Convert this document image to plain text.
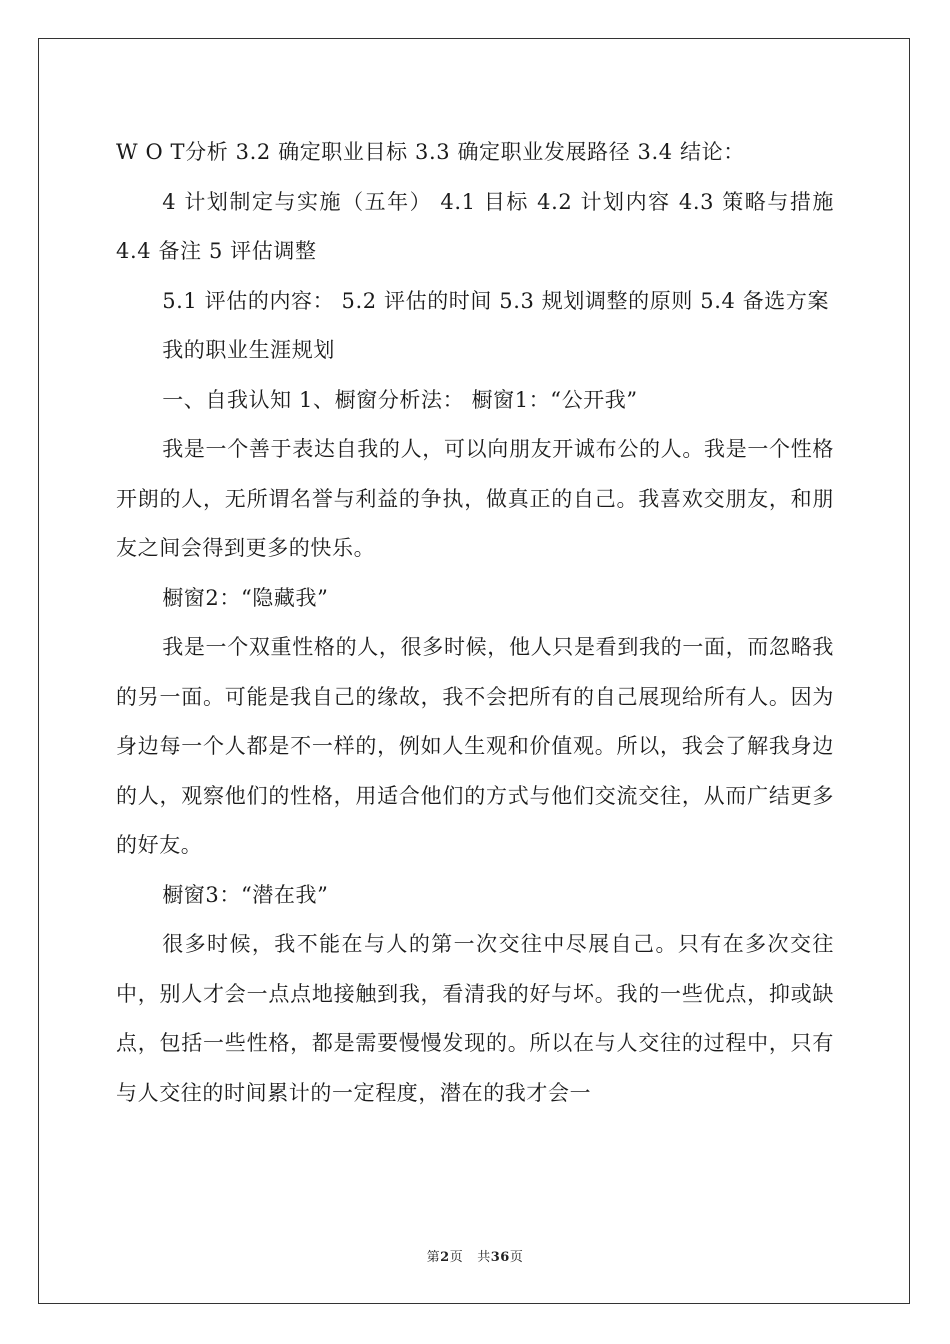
W O T分析 3.2 确定职业目标 3.3 确定职业发展路径 3.4 结论：

4 计划制定与实施（五年） 4.1 目标 4.2 计划内容 4.3 策略与措施 4.4 备注 5 评估调整

5.1 评估的内容： 5.2 评估的时间 5.3 规划调整的原则 5.4 备选方案

我的职业生涯规划

一、自我认知 1、橱窗分析法： 橱窗1：“公开我”

我是一个善于表达自我的人，可以向朋友开诚布公的人。我是一个性格开朗的人，无所谓名誉与利益的争执，做真正的自己。我喜欢交朋友，和朋友之间会得到更多的快乐。

橱窗2：“隐藏我”

我是一个双重性格的人，很多时候，他人只是看到我的一面，而忽略我的另一面。可能是我自己的缘故，我不会把所有的自己展现给所有人。因为身边每一个人都是不一样的，例如人生观和价值观。所以，我会了解我身边的人，观察他们的性格，用适合他们的方式与他们交流交往，从而广结更多的好友。

橱窗3：“潜在我”

很多时候，我不能在与人的第一次交往中尽展自己。只有在多次交往中，别人才会一点点地接触到我，看清我的好与坏。我的一些优点，抑或缺点，包括一些性格，都是需要慢慢发现的。所以在与人交往的过程中，只有与人交往的时间累计的一定程度，潜在的我才会一

第2页 共36页
